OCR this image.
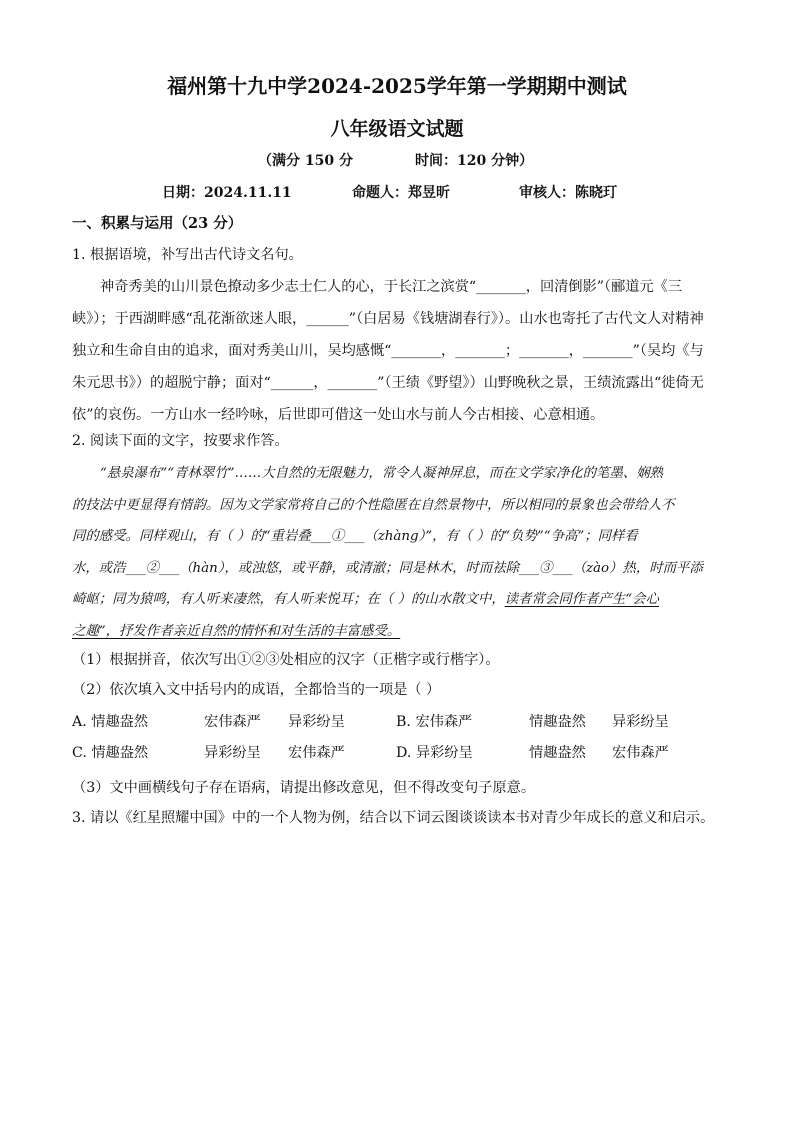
福州第十九中学2024-2025学年第一学期期中测试
八年级语文试题
（满分 150 分	时间：120 分钟）
日期：2024.11.11	命题人：郑昱昕	审核人：陈晓玎
一、积累与运用（23 分）
1. 根据语境，补写出古代诗文名句。
神奇秀美的山川景色撩动多少志士仁人的心，于长江之滨赏“_______，回清倒影”（郦道元《三
峡》）；于西湖畔感“乱花渐欲迷人眼，______”（白居易《钱塘湖春行》）。山水也寄托了古代文人对精神
独立和生命自由的追求，面对秀美山川，吴均感慨“_______，_______；_______，_______”（吴均《与
朱元思书》）的超脱宁静；面对“______，_______”（王绩《野望》）山野晚秋之景，王绩流露出“徙倚无
依”的哀伤。一方山水一经吟咏，后世即可借这一处山水与前人今古相接、心意相通。
2. 阅读下面的文字，按要求作答。
“悬泉瀑布”“青林翠竹”……大自然的无限魅力，常令人凝神屏息，而在文学家净化的笔墨、娴熟
的技法中更显得有情韵。因为文学家常将自己的个性隐匿在自然景物中，所以相同的景象也会带给人不
同的感受。同样观山，有（ ）的“重岩叠___①___（zhàng）”，有（ ）的“负势”“争高”；同样看
水，或浩___②___（hàn），或浊悠，或平静，或清澈；同是林木，时而祛除___③___（zào）热，时而平添
崎岖；同为猿鸣，有人听来凄然，有人听来悦耳；在（ ）的山水散文中，读者常会同作者产生“会心
之趣”，抒发作者亲近自然的情怀和对生活的丰富感受。
（1）根据拼音，依次写出①②③处相应的汉字（正楷字或行楷字）。
（2）依次填入文中括号内的成语，全都恰当的一项是（ ）
A. 情趣盎然	宏伟森严 异彩纷呈	B. 宏伟森严	情趣盎然 异彩纷呈
C. 情趣盎然	异彩纷呈 宏伟森严	D. 异彩纷呈	情趣盎然 宏伟森严
（3）文中画横线句子存在语病，请提出修改意见，但不得改变句子原意。
3. 请以《红星照耀中国》中的一个人物为例，结合以下词云图谈谈读本书对青少年成长的意义和启示。
